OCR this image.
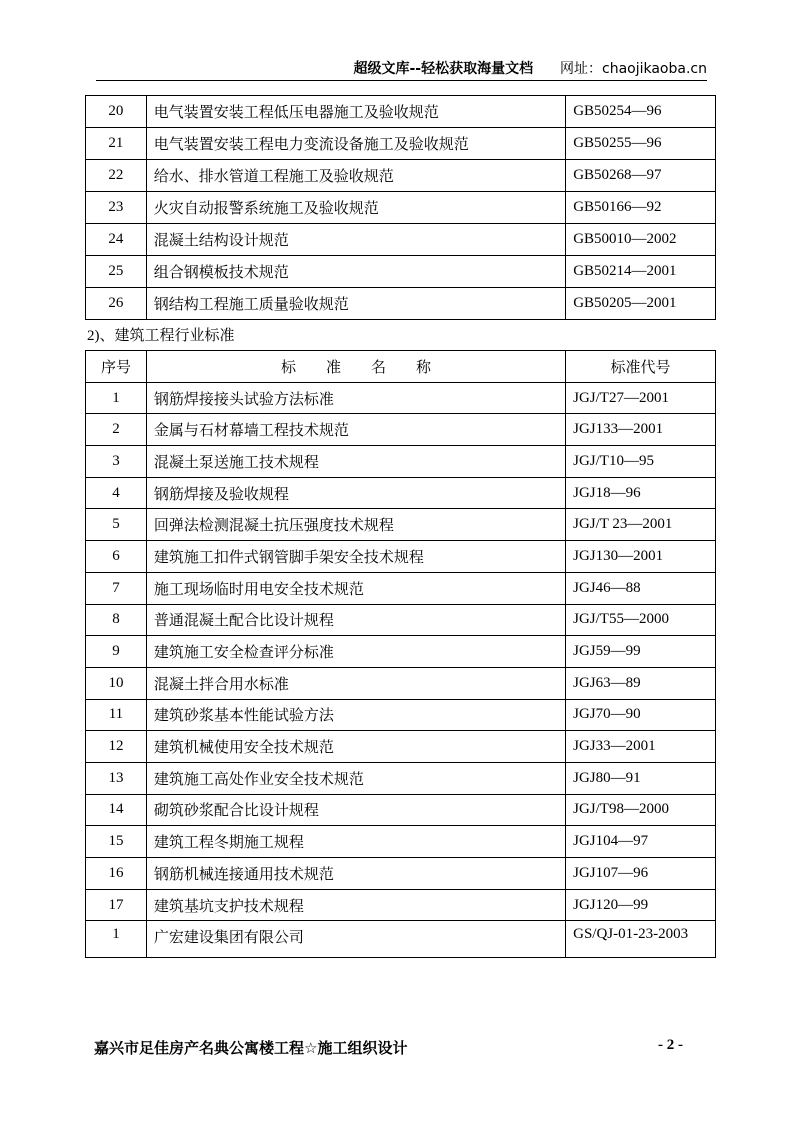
超级文库--轻松获取海量文档 网址：chaojikaoba.cn
20	电气装置安装工程低压电器施工及验收规范	GB50254—96
21	电气装置安装工程电力变流设备施工及验收规范	GB50255—96
22	给水、排水管道工程施工及验收规范	GB50268—97
23	火灾自动报警系统施工及验收规范	GB50166—92
24	混凝土结构设计规范	GB50010—2002
25	组合钢模板技术规范	GB50214—2001
26	钢结构工程施工质量验收规范	GB50205—2001
2)、建筑工程行业标准
序号	标　　准　　名　　称	标准代号
1	钢筋焊接接头试验方法标准	JGJ/T27—2001
2	金属与石材幕墙工程技术规范	JGJ133—2001
3	混凝土泵送施工技术规程	JGJ/T10—95
4	钢筋焊接及验收规程	JGJ18—96
5	回弹法检测混凝土抗压强度技术规程	JGJ/T 23—2001
6	建筑施工扣件式钢管脚手架安全技术规程	JGJ130—2001
7	施工现场临时用电安全技术规范	JGJ46—88
8	普通混凝土配合比设计规程	JGJ/T55—2000
9	建筑施工安全检查评分标准	JGJ59—99
10	混凝土拌合用水标准	JGJ63—89
11	建筑砂浆基本性能试验方法	JGJ70—90
12	建筑机械使用安全技术规范	JGJ33—2001
13	建筑施工高处作业安全技术规范	JGJ80—91
14	砌筑砂浆配合比设计规程	JGJ/T98—2000
15	建筑工程冬期施工规程	JGJ104—97
16	钢筋机械连接通用技术规范	JGJ107—96
17	建筑基坑支护技术规程	JGJ120—99
1	广宏建设集团有限公司	GS/QJ-01-23-2003
嘉兴市足佳房产名典公寓楼工程☆施工组织设计	- 2 -
